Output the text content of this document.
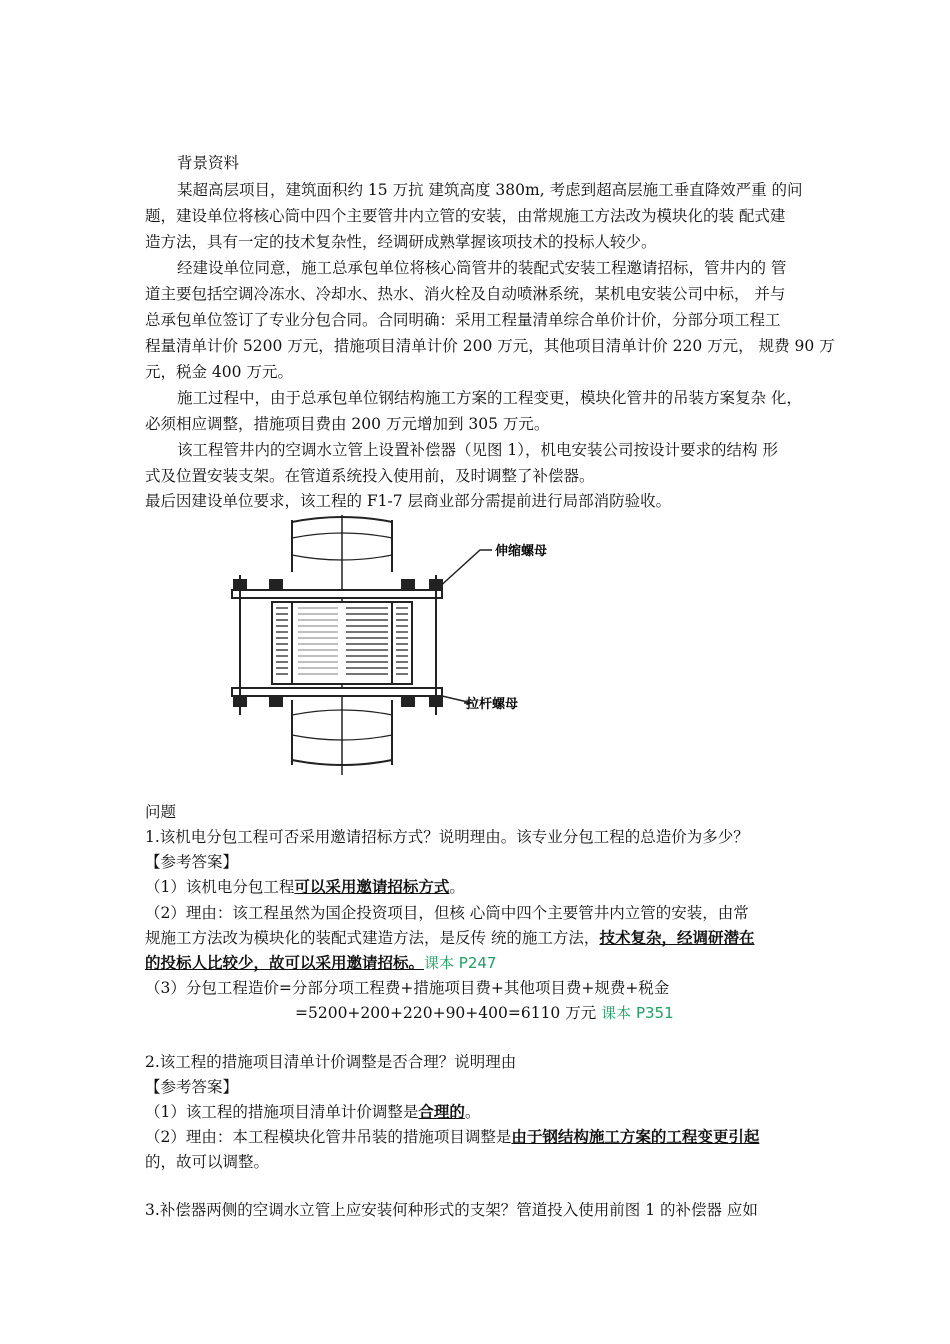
背景资料
某超高层项目，建筑面积约 15 万抗 建筑高度 380m, 考虑到超高层施工垂直降效严重 的问
题，建设单位将核心筒中四个主要管井内立管的安装，由常规施工方法改为模块化的装 配式建
造方法，具有一定的技术复杂性，经调研成熟掌握该项技术的投标人较少。
经建设单位同意，施工总承包单位将核心筒管井的装配式安装工程邀请招标，管井内的 管
道主要包括空调冷冻水、冷却水、热水、消火栓及自动喷淋系统，某机电安装公司中标， 并与
总承包单位签订了专业分包合同。合同明确：采用工程量清单综合单价计价，分部分项工程工
程量清单计价 5200 万元，措施项目清单计价 200 万元，其他项目清单计价 220 万元， 规费 90 万
元，税金 400 万元。
施工过程中，由于总承包单位钢结构施工方案的工程变更，模块化管井的吊装方案复杂 化，
必须相应调整，措施项目费由 200 万元增加到 305 万元。
该工程管井内的空调水立管上设置补偿器（见图 1），机电安装公司按设计要求的结构 形
式及位置安装支架。在管道系统投入使用前，及时调整了补偿器。
最后因建设单位要求，该工程的 F1-7 层商业部分需提前进行局部消防验收。
伸缩螺母
拉杆螺母
问题
1.该机电分包工程可否采用邀请招标方式？说明理由。该专业分包工程的总造价为多少？
【参考答案】
（1）该机电分包工程可以采用邀请招标方式。
（2）理由：该工程虽然为国企投资项目，但核 心筒中四个主要管井内立管的安装，由常
规施工方法改为模块化的装配式建造方法，是反传 统的施工方法，技术复杂，经调研潜在
的投标人比较少，故可以采用邀请招标。课本 P247
（3）分包工程造价=分部分项工程费+措施项目费+其他项目费+规费+税金
=5200+200+220+90+400=6110 万元 课本 P351
2.该工程的措施项目清单计价调整是否合理？说明理由
【参考答案】
（1）该工程的措施项目清单计价调整是合理的。
（2）理由：本工程模块化管井吊装的措施项目调整是由于钢结构施工方案的工程变更引起
的，故可以调整。
3.补偿器两侧的空调水立管上应安装何种形式的支架？管道投入使用前图 1 的补偿器 应如
